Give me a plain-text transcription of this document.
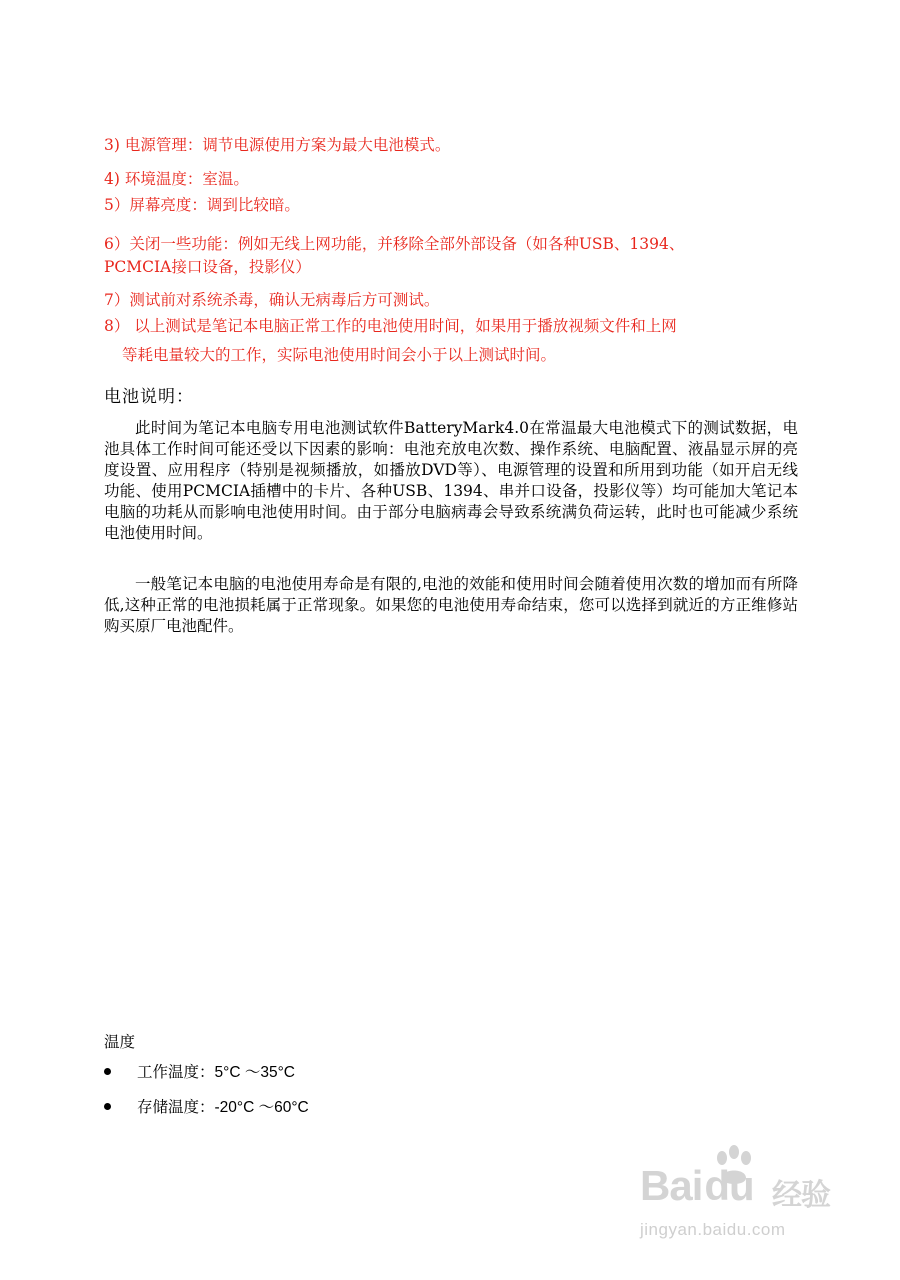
3) 电源管理：调节电源使用方案为最大电池模式。
4) 环境温度：室温。
5）屏幕亮度：调到比较暗。
6）关闭一些功能：例如无线上网功能，并移除全部外部设备（如各种USB、1394、
PCMCIA接口设备，投影仪）
7）测试前对系统杀毒，确认无病毒后方可测试。
8） 以上测试是笔记本电脑正常工作的电池使用时间，如果用于播放视频文件和上网
等耗电量较大的工作，实际电池使用时间会小于以上测试时间。
电池说明：
此时间为笔记本电脑专用电池测试软件BatteryMark4.0在常温最大电池模式下的测试数据，电池具体工作时间可能还受以下因素的影响：电池充放电次数、操作系统、电脑配置、液晶显示屏的亮度设置、应用程序（特别是视频播放，如播放DVD等）、电源管理的设置和所用到功能（如开启无线功能、使用PCMCIA插槽中的卡片、各种USB、1394、串并口设备，投影仪等）均可能加大笔记本电脑的功耗从而影响电池使用时间。由于部分电脑病毒会导致系统满负荷运转，此时也可能减少系统电池使用时间。
一般笔记本电脑的电池使用寿命是有限的,电池的效能和使用时间会随着使用次数的增加而有所降低,这种正常的电池损耗属于正常现象。如果您的电池使用寿命结束，您可以选择到就近的方正维修站购买原厂电池配件。
温度
工作温度：5°C ～35°C
存储温度：-20°C ～60°C
Baidu 经验
jingyan.baidu.com
